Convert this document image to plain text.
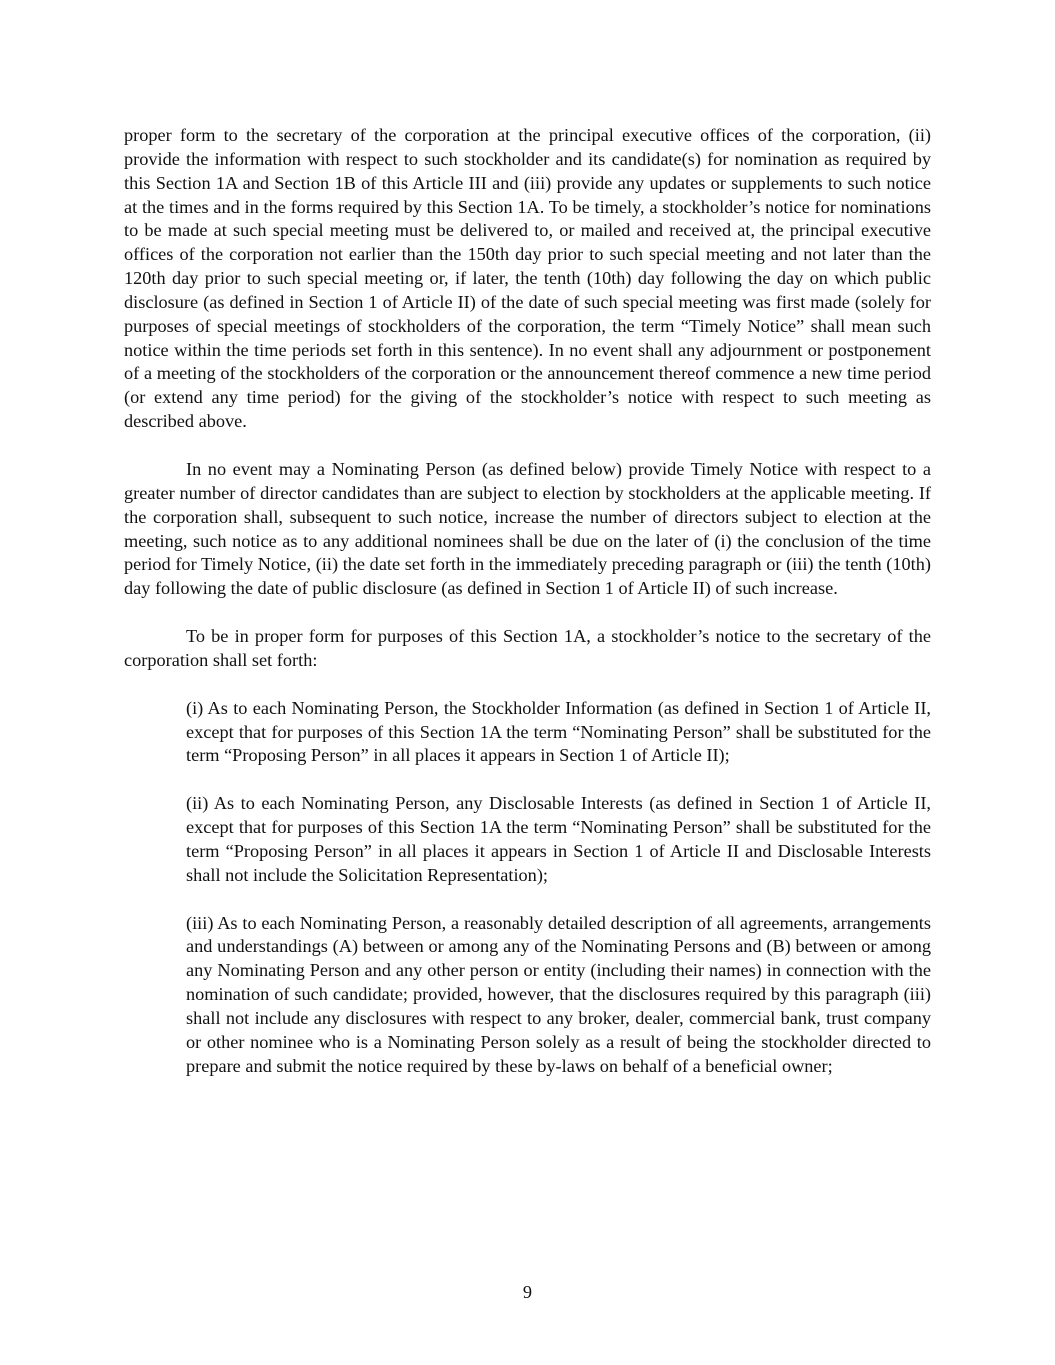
proper form to the secretary of the corporation at the principal executive offices of the corporation, (ii) provide the information with respect to such stockholder and its candidate(s) for nomination as required by this Section 1A and Section 1B of this Article III and (iii) provide any updates or supplements to such notice at the times and in the forms required by this Section 1A. To be timely, a stockholder’s notice for nominations to be made at such special meeting must be delivered to, or mailed and received at, the principal executive offices of the corporation not earlier than the 150th day prior to such special meeting and not later than the 120th day prior to such special meeting or, if later, the tenth (10th) day following the day on which public disclosure (as defined in Section 1 of Article II) of the date of such special meeting was first made (solely for purposes of special meetings of stockholders of the corporation, the term “Timely Notice” shall mean such notice within the time periods set forth in this sentence). In no event shall any adjournment or postponement of a meeting of the stockholders of the corporation or the announcement thereof commence a new time period (or extend any time period) for the giving of the stockholder’s notice with respect to such meeting as described above.

In no event may a Nominating Person (as defined below) provide Timely Notice with respect to a greater number of director candidates than are subject to election by stockholders at the applicable meeting. If the corporation shall, subsequent to such notice, increase the number of directors subject to election at the meeting, such notice as to any additional nominees shall be due on the later of (i) the conclusion of the time period for Timely Notice, (ii) the date set forth in the immediately preceding paragraph or (iii) the tenth (10th) day following the date of public disclosure (as defined in Section 1 of Article II) of such increase.

To be in proper form for purposes of this Section 1A, a stockholder’s notice to the secretary of the corporation shall set forth:

(i) As to each Nominating Person, the Stockholder Information (as defined in Section 1 of Article II, except that for purposes of this Section 1A the term “Nominating Person” shall be substituted for the term “Proposing Person” in all places it appears in Section 1 of Article II);

(ii) As to each Nominating Person, any Disclosable Interests (as defined in Section 1 of Article II, except that for purposes of this Section 1A the term “Nominating Person” shall be substituted for the term “Proposing Person” in all places it appears in Section 1 of Article II and Disclosable Interests shall not include the Solicitation Representation);

(iii) As to each Nominating Person, a reasonably detailed description of all agreements, arrangements and understandings (A) between or among any of the Nominating Persons and (B) between or among any Nominating Person and any other person or entity (including their names) in connection with the nomination of such candidate; provided, however, that the disclosures required by this paragraph (iii) shall not include any disclosures with respect to any broker, dealer, commercial bank, trust company or other nominee who is a Nominating Person solely as a result of being the stockholder directed to prepare and submit the notice required by these by-laws on behalf of a beneficial owner;

9
